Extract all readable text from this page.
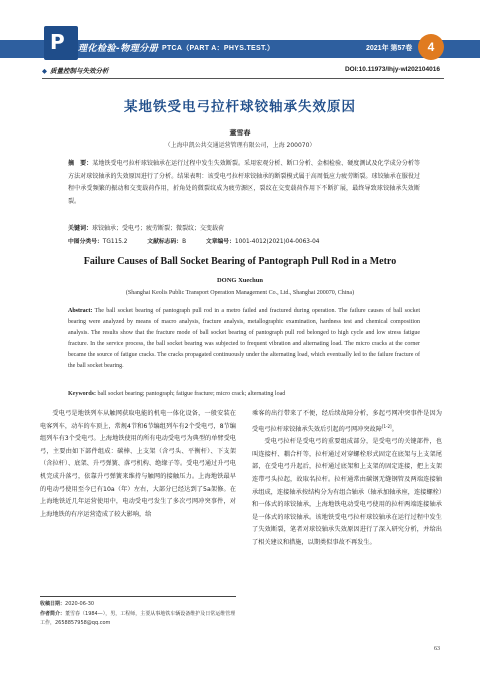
P 理化检验-物理分册 PTCA（PART A：PHYS.TEST.）	2021年 第57卷	4
◆ 质量控制与失效分析	DOI:10.11973/lhjy-wl202104016
某地铁受电弓拉杆球铰轴承失效原因
董雪春
（上海申凯公共交通运营管理有限公司，上海 200070）
摘　要：某地铁受电弓拉杆球铰轴承在运行过程中发生失效断裂。采用宏观分析、断口分析、金相检验、硬度测试及化学成分分析等方法对球铰轴承的失效原因进行了分析。结果表明：该受电弓拉杆球铰轴承的断裂模式属于高周低应力疲劳断裂。球铰轴承在服役过程中承受频繁的振动和交变载荷作用，折角处的微裂纹成为疲劳源区，裂纹在交变载荷作用下不断扩展，最终导致球铰轴承失效断裂。
关键词：球铰轴承；受电弓；疲劳断裂；微裂纹；交变载荷
中图分类号：TG115.2	文献标志码：B	文章编号：1001-4012(2021)04-0063-04
Failure Causes of Ball Socket Bearing of Pantograph Pull Rod in a Metro
DONG Xuechun
(Shanghai Keolis Public Transport Operation Management Co., Ltd., Shanghai 200070, China)
Abstract: The ball socket bearing of pantograph pull rod in a metro failed and fractured during operation. The failure causes of ball socket bearing were analyzed by means of macro analysis, fracture analysis, metallographic examination, hardness test and chemical composition analysis. The results show that the fracture mode of ball socket bearing of pantograph pull rod belonged to high cycle and low stress fatigue fracture. In the service process, the ball socket bearing was subjected to frequent vibration and alternating load. The micro cracks at the corner became the source of fatigue cracks. The cracks propagated continuously under the alternating load, which eventually led to the failure fracture of the ball socket bearing.
Keywords: ball socket bearing; pantograph; fatigue fracture; micro crack; alternating load

受电弓是地铁列车从触网获取电能的机电一体化设备，一般安装在电客列车，动车的车顶上，常规4节和6节编组列车有2个受电弓，8节编组列车有3个受电弓。上海地铁使用的所有电动受电弓为典型的单臂受电弓，主要由如下部件组成：碳棒、上支架（含弓头、平衡杆）、下支架（含拉杆）、底架、升弓弹簧、落弓机构、绝缘子等。受电弓通过升弓电机完成升落弓，依靠升弓弹簧来维持与触网的接触压力。上海地铁最早的电动弓使用至今已有10a（年）左右，大部分已经达到了5a架修。在上海地铁近几年运营使用中，电动受电弓发生了多次弓网冲突事件，对上海地铁的有序运营造成了较大影响，给

乘客的出行带来了不便，经后续故障分析，多起弓网冲突事件是因为受电弓拉杆球铰轴承失效后引起的弓网冲突故障[1-2]。

受电弓拉杆是受电弓的重要组成部分，是受电弓的关键部件，也叫连接杆、耦合杆等，拉杆通过对穿螺栓形式固定在底架与上支架尾部，在受电弓升起后，拉杆通过底架和上支架的固定连接，把上支架连带弓头拉起，故取名拉杆。拉杆通常由碳钢无缝钢管及两端连接轴承组成，连接轴承按结构分为有组合轴承（轴承加轴承座，连接螺栓）和一体式的球铰轴承，上海地铁电动受电弓使用的拉杆两端连接轴承是一体式的球铰轴承。该地铁受电弓拉杆球铰轴承在运行过程中发生了失效断裂，笔者对球铰轴承失效原因进行了深入研究分析，并给出了相关建议和措施，以期类似事故不再发生。

收稿日期：2020-06-30
作者简介：董雪春（1984—），男，工程师，主要从事地铁车辆设备维护及日常运维管理工作，2658857958@qq.com
63
